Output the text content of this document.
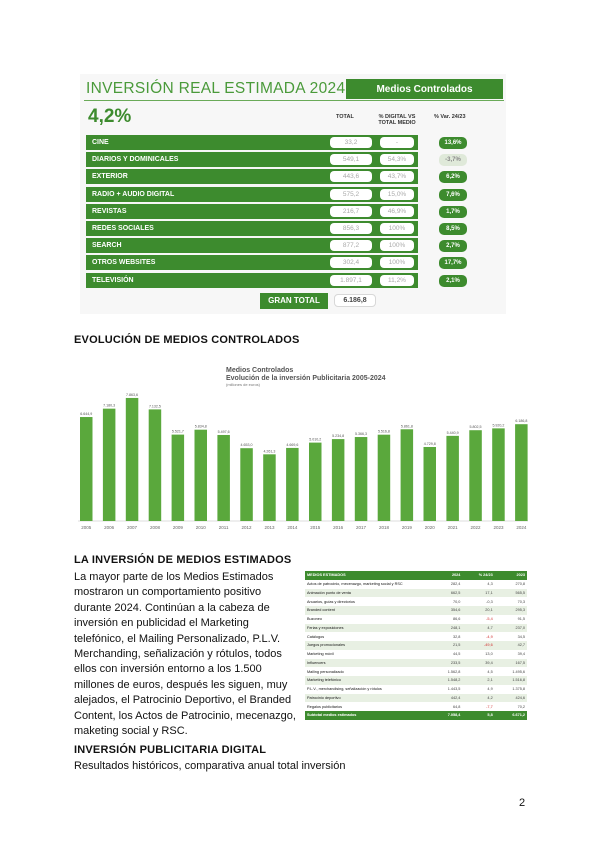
INVERSIÓN REAL ESTIMADA 2024	Medios Controlados
4,2%	TOTAL	% DIGITAL VS
TOTAL MEDIO
% Var. 24/23
CINE	33,2	-	13,6%
DIARIOS Y DOMINICALES	549,1	54,3%	-3,7%
EXTERIOR	443,6	43,7%	6,2%
RADIO + AUDIO DIGITAL	575,2	15,0%	7,6%
REVISTAS	216,7	46,9%	1,7%
REDES SOCIALES	856,3	100%	8,5%
SEARCH	877,2	100%	2,7%
OTROS WEBSITES	302,4	100%	17,7%
TELEVISIÓN	1.897,1	11,2%	2,1%
GRAN TOTAL	6.186,8
EVOLUCIÓN DE MEDIOS CONTROLADOS
Medios Controlados
Evolución de la inversión Publicitaria 2005-2024
(millones de euros)
6.644,9
2005
7.180,3
2006
7.863,6
2007
7.132,5
2008
5.521,7
2009
5.834,8
2010
5.497,6
2011
4.653,0
2012
4.261,3
2013
4.669,6
2014
5.010,2
2015
5.234,8
2016
5.366,3
2017
5.516,8
2018
5.861,8
2019
4.729,8
2020
5.440,9
2021
5.802,5
2022
5.920,2
2023
6.186,8
2024
LA INVERSIÓN DE MEDIOS ESTIMADOS
La mayor parte de los Medios Estimados mostraron un comportamiento positivo durante 2024. Continúan a la cabeza de inversión en publicidad el Marketing telefónico, el Mailing Personalizado, P.L.V. Merchanding, señalización y rótulos, todos ellos con inversión entorno a los 1.500 millones de euros, después les siguen, muy alejados, el Patrocinio Deportivo, el Branded Content, los Actos de Patrocinio, mecenazgo, maketing social y RSC.
MEDIOS ESTIMADOS	2024	% 24/23	2023
Actos de patrocinio, mecenazgo, marketing social y RSC	282,4	4,3	270,8
Animación punto de venta	662,5	17,1	565,5
Anuarios, guías y directorios	70,0	-0,3	70,3
Branded content	354,6	20,1	295,3
Buzoneo	86,6	-5,4	91,5
Ferias y exposiciones	248,1	4,7	237,0
Catálogos	32,8	-4,9	34,5
Juegos promocionales	21,5	-49,6	42,7
Marketing móvil	44,5	13,0	39,4
Influencers	233,5	39,4	167,5
Mailing personalizado	1.562,8	4,5	1.495,6
Marketing telefónico	1.548,2	2,1	1.516,8
P.L.V., merchandising, señalización y rótulos	1.443,5	4,9	1.375,8
Patrocinio deportivo	442,4	4,2	424,6
Regalos publicitarios	64,8	-7,7	70,2
Subtotal medios estimados	7.058,4	5,8	6.671,2
INVERSIÓN PUBLICITARIA DIGITAL
Resultados históricos, comparativa anual total inversión
2
